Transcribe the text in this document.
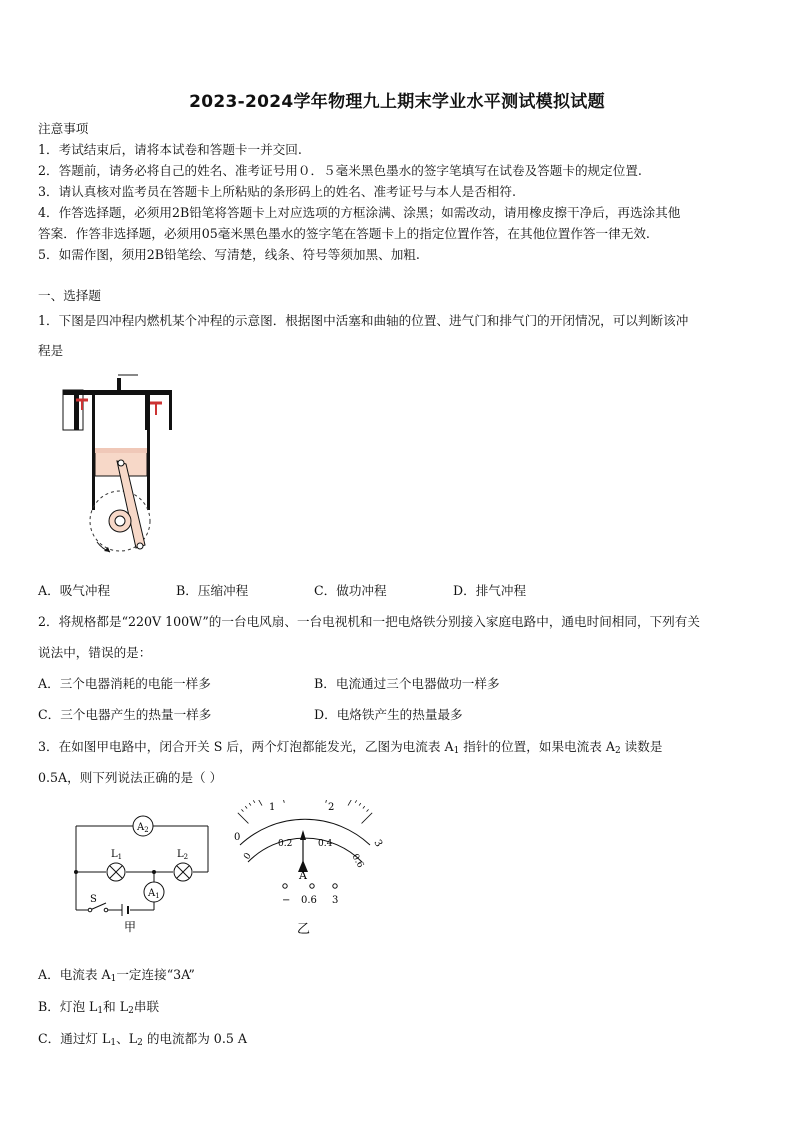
2023-2024学年物理九上期末学业水平测试模拟试题
注意事项
1．考试结束后，请将本试卷和答题卡一并交回.
2．答题前，请务必将自己的姓名、准考证号用０．５毫米黑色墨水的签字笔填写在试卷及答题卡的规定位置.
3．请认真核对监考员在答题卡上所粘贴的条形码上的姓名、准考证号与本人是否相符.
4．作答选择题，必须用2B铅笔将答题卡上对应选项的方框涂满、涂黑；如需改动，请用橡皮擦干净后，再选涂其他
答案．作答非选择题，必须用05毫米黑色墨水的签字笔在答题卡上的指定位置作答，在其他位置作答一律无效.
5．如需作图，须用2B铅笔绘、写清楚，线条、符号等须加黑、加粗.
一、选择题
1．下图是四冲程内燃机某个冲程的示意图．根据图中活塞和曲轴的位置、进气门和排气门的开闭情况，可以判断该冲
程是
A．吸气冲程	B．压缩冲程	C．做功冲程	D．排气冲程
2．将规格都是“220V 100W”的一台电风扇、一台电视机和一把电烙铁分别接入家庭电路中，通电时间相同，下列有关
说法中，错误的是：
A．三个电器消耗的电能一样多	B．电流通过三个电器做功一样多
C．三个电器产生的热量一样多	D．电烙铁产生的热量最多
3．在如图甲电路中，闭合开关 S 后，两个灯泡都能发光，乙图为电流表 $A_1$ 指针的位置，如果电流表 $A_2$ 读数是
0.5A，则下列说法正确的是（ ）
$A_2$
$L_1$	$L_2$
$A_1$
S
甲
0
1	2
3
0
0.2	0.4
0.6
A
− 0.6 3
乙
A．电流表 $A_1$一定连接“3A”
B．灯泡 $L_1$和 $L_2$串联
C．通过灯 $L_1$、$L_2$ 的电流都为 0.5 A
